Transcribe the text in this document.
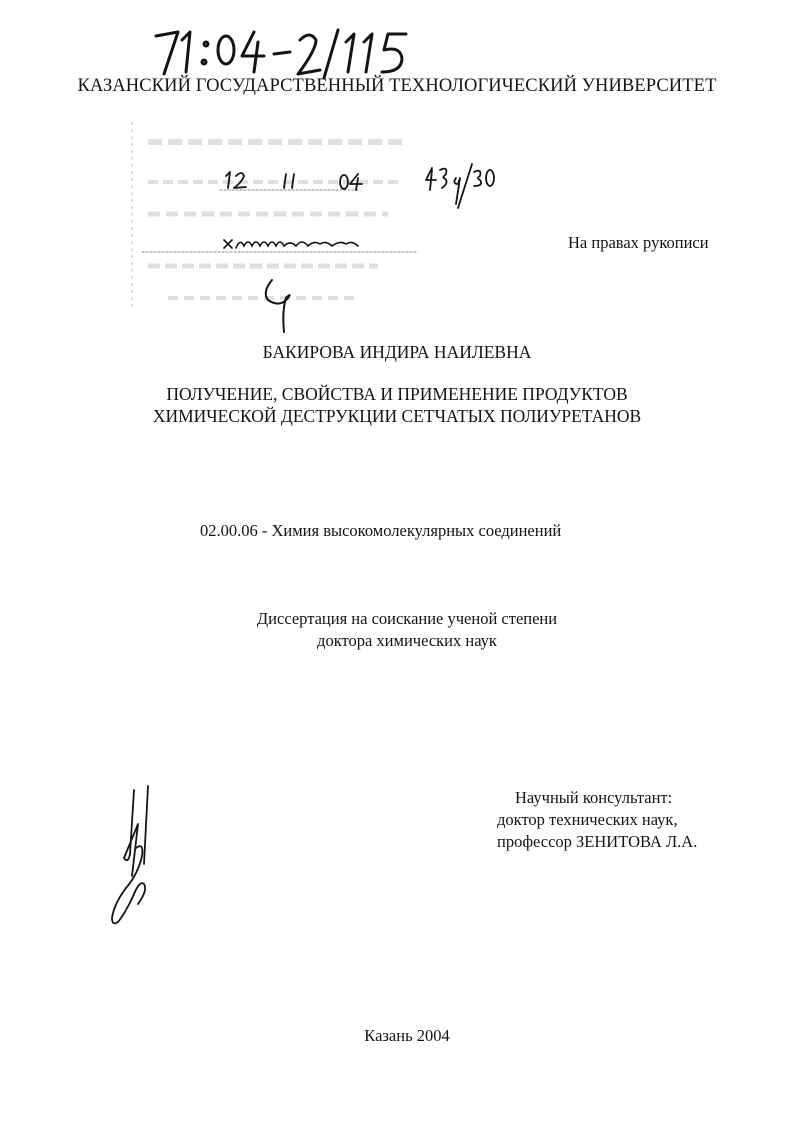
КАЗАНСКИЙ ГОСУДАРСТВЕННЫЙ ТЕХНОЛОГИЧЕСКИЙ УНИВЕРСИТЕТ
На правах рукописи
БАКИРОВА ИНДИРА НАИЛЕВНА
ПОЛУЧЕНИЕ, СВОЙСТВА И ПРИМЕНЕНИЕ ПРОДУКТОВ
ХИМИЧЕСКОЙ ДЕСТРУКЦИИ СЕТЧАТЫХ ПОЛИУРЕТАНОВ
02.00.06 - Химия высокомолекулярных соединений
Диссертация на соискание ученой степени
доктора химических наук
Научный консультант:
доктор технических наук,
профессор ЗЕНИТОВА Л.А.
Казань 2004
